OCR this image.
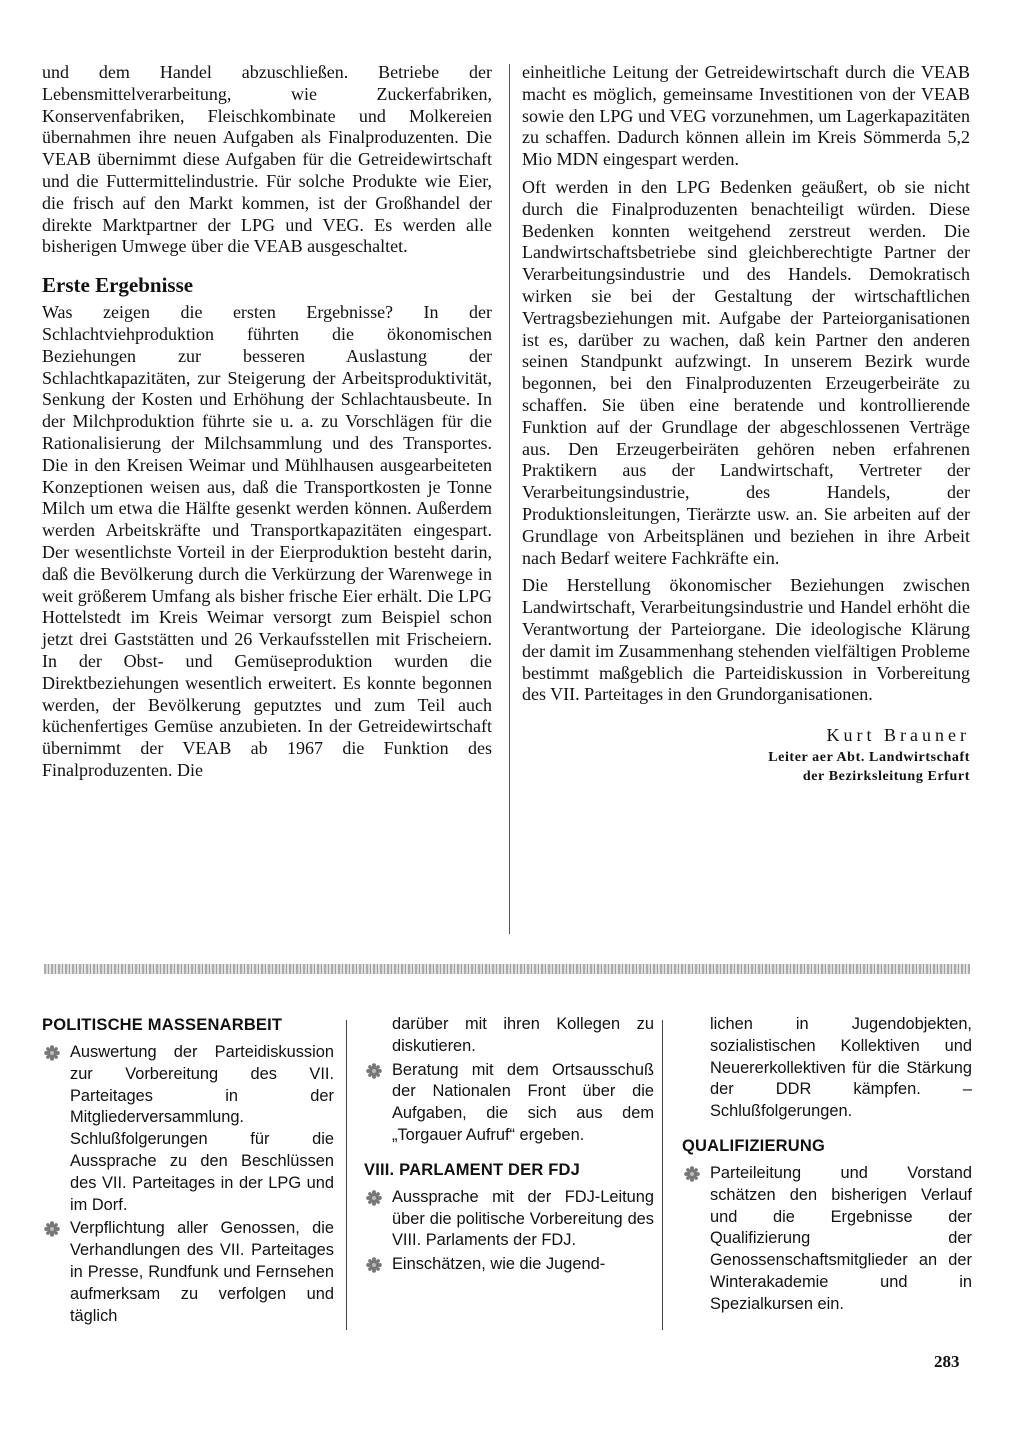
und dem Handel abzuschließen. Betriebe der Lebensmittelverarbeitung, wie Zuckerfabriken, Konservenfabriken, Fleischkombinate und Molkereien übernahmen ihre neuen Aufgaben als Finalproduzenten. Die VEAB übernimmt diese Aufgaben für die Getreidewirtschaft und die Futtermittelindustrie. Für solche Produkte wie Eier, die frisch auf den Markt kommen, ist der Großhandel der direkte Marktpartner der LPG und VEG. Es werden alle bisherigen Umwege über die VEAB ausgeschaltet.

Erste Ergebnisse

Was zeigen die ersten Ergebnisse? In der Schlachtviehproduktion führten die ökonomischen Beziehungen zur besseren Auslastung der Schlachtkapazitäten, zur Steigerung der Arbeitsproduktivität, Senkung der Kosten und Erhöhung der Schlachtausbeute. In der Milchproduktion führte sie u. a. zu Vorschlägen für die Rationalisierung der Milchsammlung und des Transportes. Die in den Kreisen Weimar und Mühlhausen ausgearbeiteten Konzeptionen weisen aus, daß die Transportkosten je Tonne Milch um etwa die Hälfte gesenkt werden können. Außerdem werden Arbeitskräfte und Transportkapazitäten eingespart. Der wesentlichste Vorteil in der Eierproduktion besteht darin, daß die Bevölkerung durch die Verkürzung der Warenwege in weit größerem Umfang als bisher frische Eier erhält. Die LPG Hottelstedt im Kreis Weimar versorgt zum Beispiel schon jetzt drei Gaststätten und 26 Verkaufsstellen mit Frischeiern. In der Obst- und Gemüseproduktion wurden die Direktbeziehungen wesentlich erweitert. Es konnte begonnen werden, der Bevölkerung geputztes und zum Teil auch küchenfertiges Gemüse anzubieten. In der Getreidewirtschaft übernimmt der VEAB ab 1967 die Funktion des Finalproduzenten. Die

einheitliche Leitung der Getreidewirtschaft durch die VEAB macht es möglich, gemeinsame Investitionen von der VEAB sowie den LPG und VEG vorzunehmen, um Lagerkapazitäten zu schaffen. Dadurch können allein im Kreis Sömmerda 5,2 Mio MDN eingespart werden.

Oft werden in den LPG Bedenken geäußert, ob sie nicht durch die Finalproduzenten benachteiligt würden. Diese Bedenken konnten weitgehend zerstreut werden. Die Landwirtschaftsbetriebe sind gleichberechtigte Partner der Verarbeitungsindustrie und des Handels. Demokratisch wirken sie bei der Gestaltung der wirtschaftlichen Vertragsbeziehungen mit. Aufgabe der Parteiorganisationen ist es, darüber zu wachen, daß kein Partner den anderen seinen Standpunkt aufzwingt. In unserem Bezirk wurde begonnen, bei den Finalproduzenten Erzeugerbeiräte zu schaffen. Sie üben eine beratende und kontrollierende Funktion auf der Grundlage der abgeschlossenen Verträge aus. Den Erzeugerbeiräten gehören neben erfahrenen Praktikern aus der Landwirtschaft, Vertreter der Verarbeitungsindustrie, des Handels, der Produktionsleitungen, Tierärzte usw. an. Sie arbeiten auf der Grundlage von Arbeitsplänen und beziehen in ihre Arbeit nach Bedarf weitere Fachkräfte ein.

Die Herstellung ökonomischer Beziehungen zwischen Landwirtschaft, Verarbeitungsindustrie und Handel erhöht die Verantwortung der Parteiorgane. Die ideologische Klärung der damit im Zusammenhang stehenden vielfältigen Probleme bestimmt maßgeblich die Parteidiskussion in Vorbereitung des VII. Parteitages in den Grundorganisationen.

Kurt Brauner
Leiter aer Abt. Landwirtschaft
der Bezirksleitung Erfurt
POLITISCHE MASSENARBEIT
Auswertung der Parteidiskussion zur Vorbereitung des VII. Parteitages in der Mitgliederversammlung. Schlußfolgerungen für die Aussprache zu den Beschlüssen des VII. Parteitages in der LPG und im Dorf.
Verpflichtung aller Genossen, die Verhandlungen des VII. Parteitages in Presse, Rundfunk und Fernsehen aufmerksam zu verfolgen und täglich
darüber mit ihren Kollegen zu diskutieren.
Beratung mit dem Ortsausschuß der Nationalen Front über die Aufgaben, die sich aus dem „Torgauer Aufruf“ ergeben.
VIII. PARLAMENT DER FDJ
Aussprache mit der FDJ-Leitung über die politische Vorbereitung des VIII. Parlaments der FDJ.
Einschätzen, wie die Jugend-
lichen in Jugendobjekten, sozialistischen Kollektiven und Neuererkollektiven für die Stärkung der DDR kämpfen. – Schlußfolgerungen.
QUALIFIZIERUNG
Parteileitung und Vorstand schätzen den bisherigen Verlauf und die Ergebnisse der Qualifizierung der Genossenschaftsmitglieder an der Winterakademie und in Spezialkursen ein.
283
